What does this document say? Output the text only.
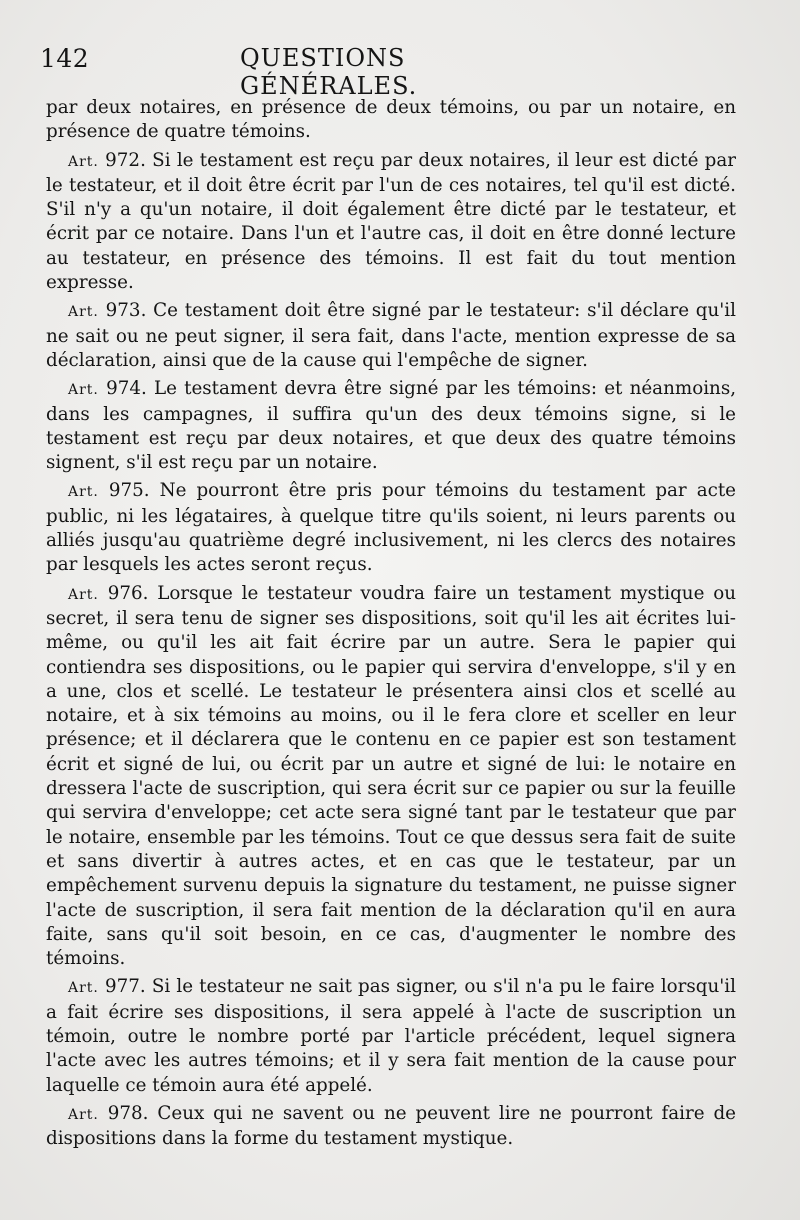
142	QUESTIONS GÉNÉRALES.

par deux notaires, en présence de deux témoins, ou par un notaire, en présence de quatre témoins.

Art. 972. Si le testament est reçu par deux notaires, il leur est dicté par le testateur, et il doit être écrit par l'un de ces notaires, tel qu'il est dicté. S'il n'y a qu'un notaire, il doit également être dicté par le testateur, et écrit par ce notaire. Dans l'un et l'autre cas, il doit en être donné lecture au testateur, en présence des témoins. Il est fait du tout mention expresse.

Art. 973. Ce testament doit être signé par le testateur: s'il déclare qu'il ne sait ou ne peut signer, il sera fait, dans l'acte, mention expresse de sa déclaration, ainsi que de la cause qui l'empêche de signer.

Art. 974. Le testament devra être signé par les témoins: et néanmoins, dans les campagnes, il suffira qu'un des deux témoins signe, si le testament est reçu par deux notaires, et que deux des quatre témoins signent, s'il est reçu par un notaire.

Art. 975. Ne pourront être pris pour témoins du testament par acte public, ni les légataires, à quelque titre qu'ils soient, ni leurs parents ou alliés jusqu'au quatrième degré inclusivement, ni les clercs des notaires par lesquels les actes seront reçus.

Art. 976. Lorsque le testateur voudra faire un testament mystique ou secret, il sera tenu de signer ses dispositions, soit qu'il les ait écrites lui-même, ou qu'il les ait fait écrire par un autre. Sera le papier qui contiendra ses dispositions, ou le papier qui servira d'enveloppe, s'il y en a une, clos et scellé. Le testateur le présentera ainsi clos et scellé au notaire, et à six témoins au moins, ou il le fera clore et sceller en leur présence; et il déclarera que le contenu en ce papier est son testament écrit et signé de lui, ou écrit par un autre et signé de lui: le notaire en dressera l'acte de suscription, qui sera écrit sur ce papier ou sur la feuille qui servira d'enveloppe; cet acte sera signé tant par le testateur que par le notaire, ensemble par les témoins. Tout ce que dessus sera fait de suite et sans divertir à autres actes, et en cas que le testateur, par un empêchement survenu depuis la signature du testament, ne puisse signer l'acte de suscription, il sera fait mention de la déclaration qu'il en aura faite, sans qu'il soit besoin, en ce cas, d'augmenter le nombre des témoins.

Art. 977. Si le testateur ne sait pas signer, ou s'il n'a pu le faire lorsqu'il a fait écrire ses dispositions, il sera appelé à l'acte de suscription un témoin, outre le nombre porté par l'article précédent, lequel signera l'acte avec les autres témoins; et il y sera fait mention de la cause pour laquelle ce témoin aura été appelé.

Art. 978. Ceux qui ne savent ou ne peuvent lire ne pourront faire de dispositions dans la forme du testament mystique.
